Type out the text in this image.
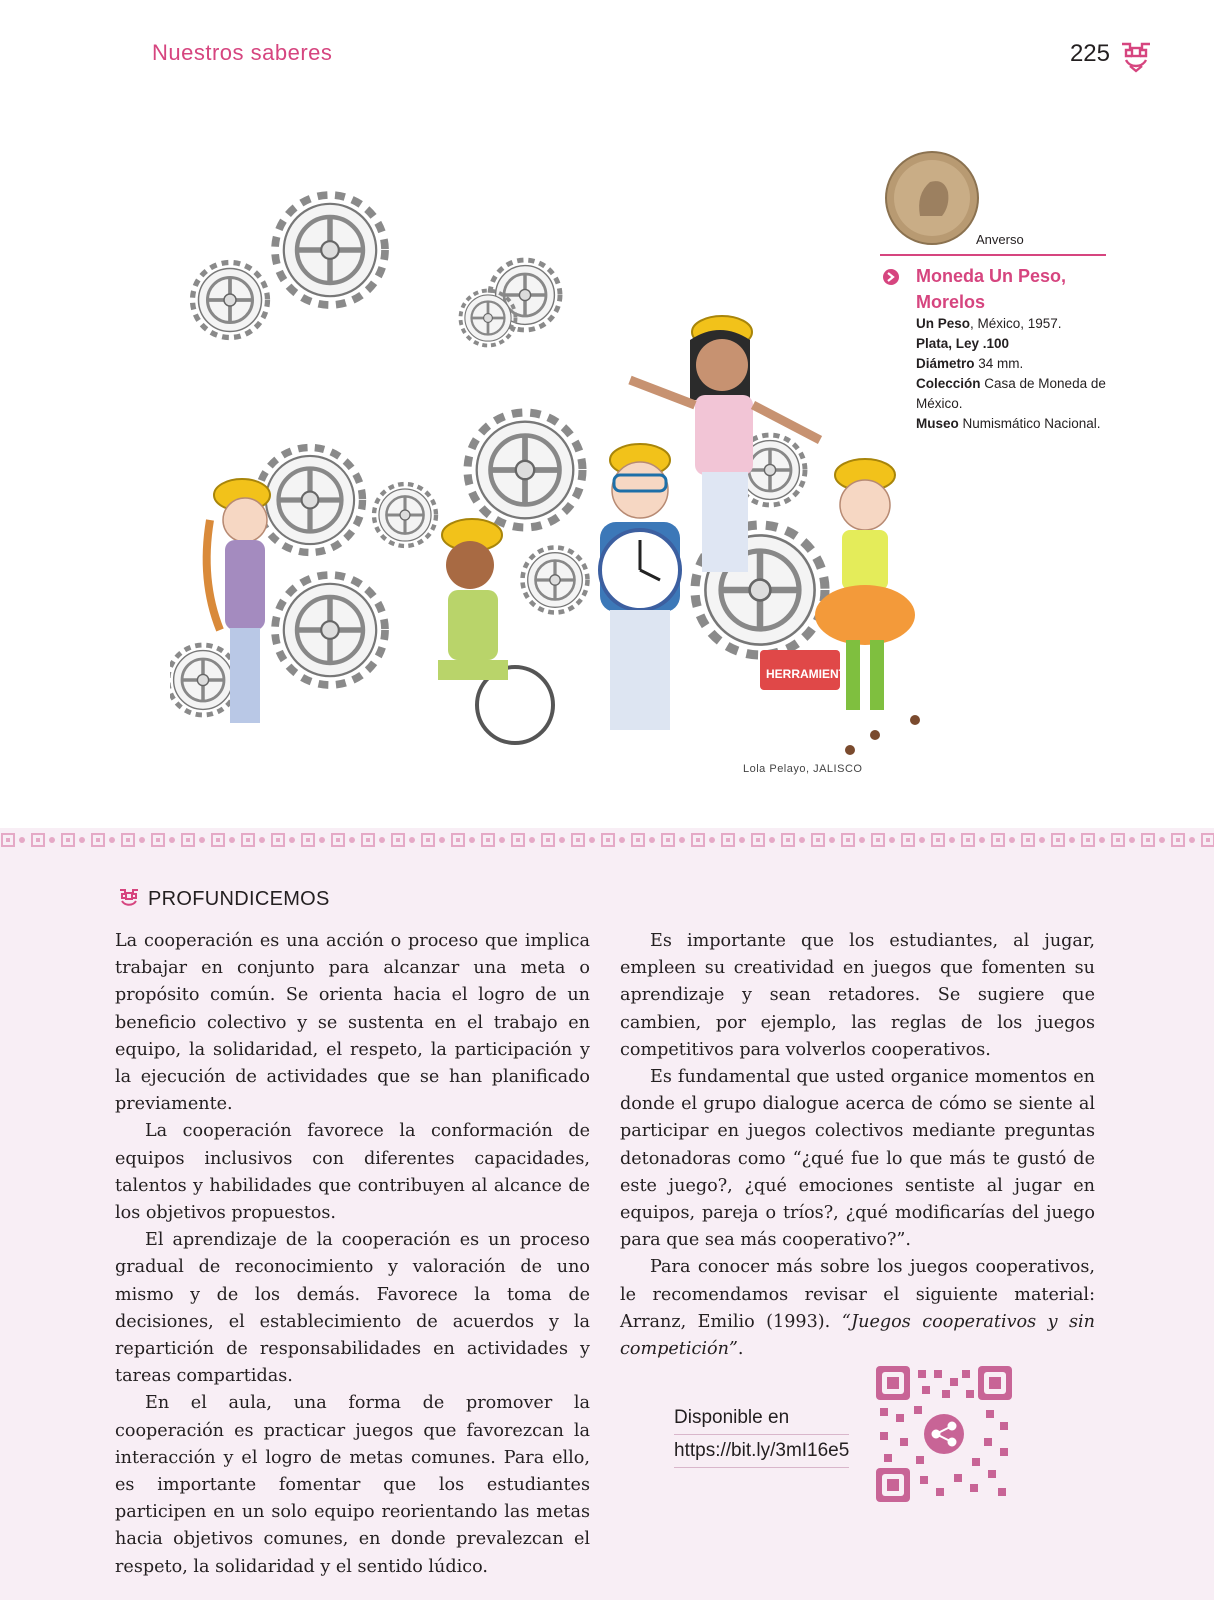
Nuestros saberes	225
HERRAMIENT
Lola Pelayo, JALISCO
Anverso
Moneda Un Peso, Morelos

Un Peso, México, 1957.

Plata, Ley .100

Diámetro 34 mm.

Colección Casa de Moneda de México.

Museo Numismático Nacional.

PROFUNDICEMOS

La cooperación es una acción o proceso que implica trabajar en conjunto para alcanzar una meta o propósito común. Se orienta hacia el logro de un beneficio colectivo y se sustenta en el trabajo en equipo, la solidaridad, el respeto, la participación y la ejecución de actividades que se han planificado previamente.

La cooperación favorece la conformación de equipos inclusivos con diferentes capacidades, talentos y habilidades que contribuyen al alcance de los objetivos propuestos.

El aprendizaje de la cooperación es un proceso gradual de reconocimiento y valoración de uno mismo y de los demás. Favorece la toma de decisiones, el establecimiento de acuerdos y la repartición de responsabilidades en actividades y tareas compartidas.

En el aula, una forma de promover la cooperación es practicar juegos que favorezcan la interacción y el logro de metas comunes. Para ello, es importante fomentar que los estudiantes participen en un solo equipo reorientando las metas hacia objetivos comunes, en donde prevalezcan el respeto, la solidaridad y el sentido lúdico.

Es importante que los estudiantes, al jugar, empleen su creatividad en juegos que fomenten su aprendizaje y sean retadores. Se sugiere que cambien, por ejemplo, las reglas de los juegos competitivos para volverlos cooperativos.

Es fundamental que usted organice momentos en donde el grupo dialogue acerca de cómo se siente al participar en juegos colectivos mediante preguntas detonadoras como “¿qué fue lo que más te gustó de este juego?, ¿qué emociones sentiste al jugar en equipos, pareja o tríos?, ¿qué modificarías del juego para que sea más cooperativo?”.

Para conocer más sobre los juegos cooperativos, le recomendamos revisar el siguiente material: Arranz, Emilio (1993). “Juegos cooperativos y sin competición”.

Disponible en
https://bit.ly/3mI16e5
